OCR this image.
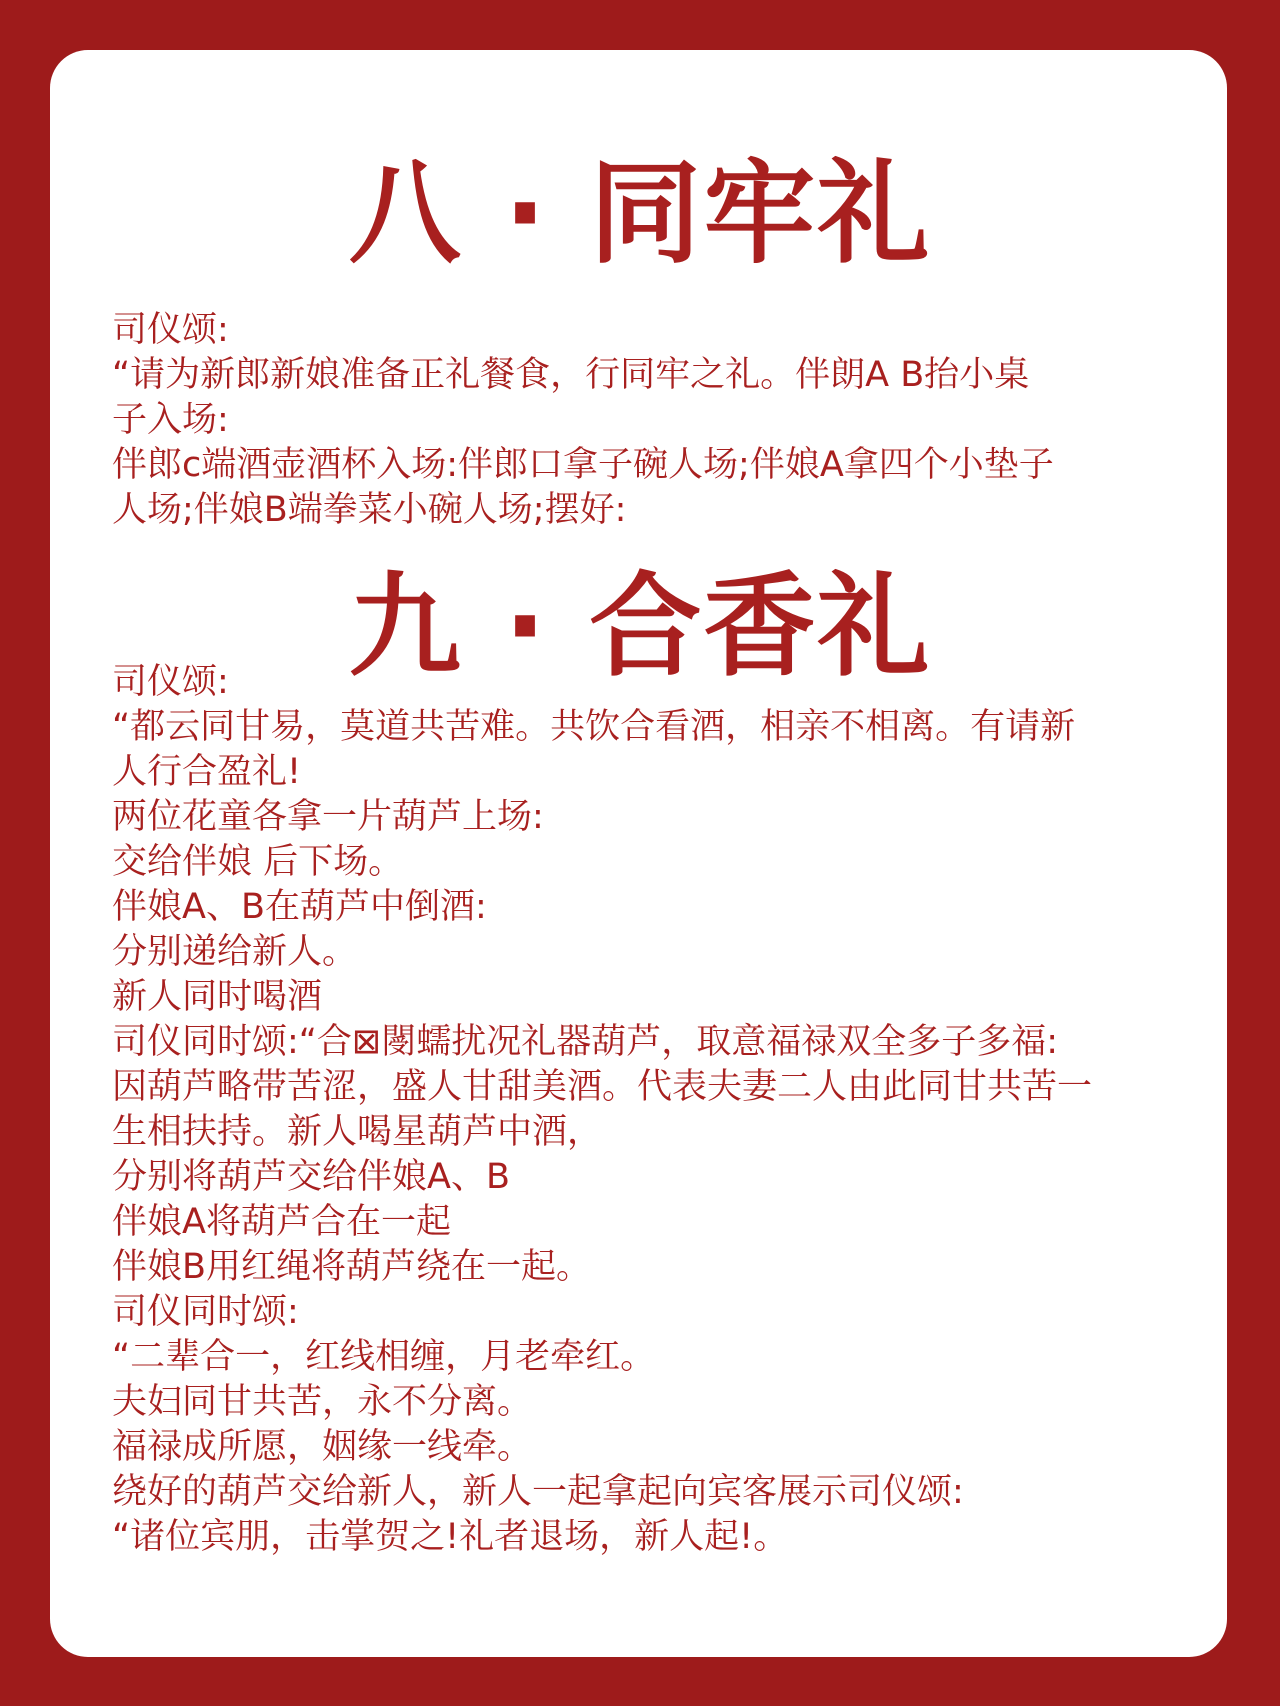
八 · 同牢礼
司仪颂:
“请为新郎新娘准备正礼餐食，行同牢之礼。伴朗A B抬小桌
子入场:
伴郎c端酒壶酒杯入场:伴郎口拿子碗人场;伴娘A拿四个小垫子
人场;伴娘B端拳菜小碗人场;摆好:
九 · 合香礼
司仪颂:
“都云同甘易，莫道共苦难。共饮合看酒，相亲不相离。有请新
人行合盈礼!
两位花童各拿一片葫芦上场:
交给伴娘 后下场。
伴娘A、B在葫芦中倒酒:
分别递给新人。
新人同时喝酒
司仪同时颂:“合⊠閿蠕扰况礼器葫芦，取意福禄双全多子多福:
因葫芦略带苦涩，盛人甘甜美酒。代表夫妻二人由此同甘共苦一
生相扶持。新人喝星葫芦中酒，
分别将葫芦交给伴娘A、B
伴娘A将葫芦合在一起
伴娘B用红绳将葫芦绕在一起。
司仪同时颂:
“二辈合一，红线相缠，月老牵红。
夫妇同甘共苦，永不分离。
福禄成所愿，姻缘一线牵。
绕好的葫芦交给新人，新人一起拿起向宾客展示司仪颂:
“诸位宾朋，击掌贺之!礼者退场，新人起!。
